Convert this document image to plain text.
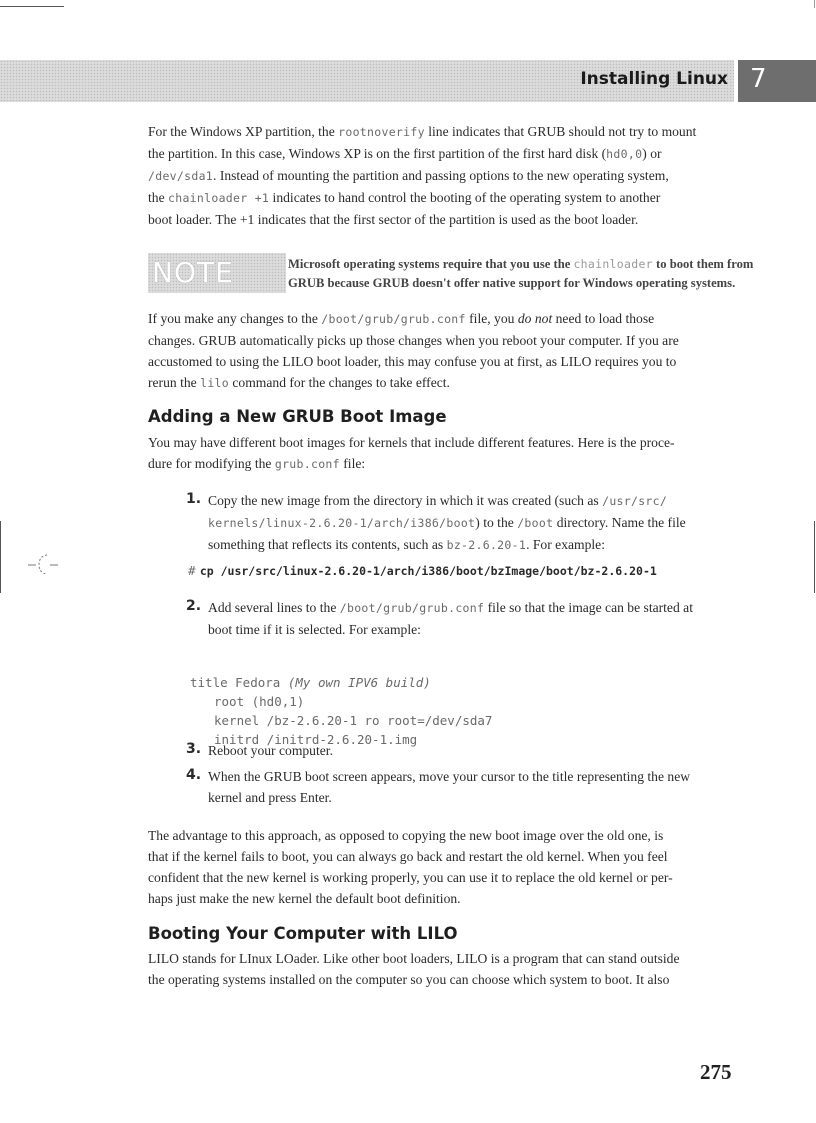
Installing Linux 7
For the Windows XP partition, the rootnoverify line indicates that GRUB should not try to mount
the partition. In this case, Windows XP is on the first partition of the first hard disk (hd0,0) or
/dev/sda1. Instead of mounting the partition and passing options to the new operating system,
the chainloader +1 indicates to hand control the booting of the operating system to another
boot loader. The +1 indicates that the first sector of the partition is used as the boot loader.
NOTE	Microsoft operating systems require that you use the chainloader to boot them from
GRUB because GRUB doesn't offer native support for Windows operating systems.
If you make any changes to the /boot/grub/grub.conf file, you do not need to load those
changes. GRUB automatically picks up those changes when you reboot your computer. If you are
accustomed to using the LILO boot loader, this may confuse you at first, as LILO requires you to
rerun the lilo command for the changes to take effect.
Adding a New GRUB Boot Image
You may have different boot images for kernels that include different features. Here is the proce-
dure for modifying the grub.conf file:
1. Copy the new image from the directory in which it was created (such as /usr/src/
kernels/linux-2.6.20-1/arch/i386/boot) to the /boot directory. Name the file
something that reflects its contents, such as bz-2.6.20-1. For example:
# cp /usr/src/linux-2.6.20-1/arch/i386/boot/bzImage/boot/bz-2.6.20-1
2. Add several lines to the /boot/grub/grub.conf file so that the image can be started at
boot time if it is selected. For example:

title Fedora (My own IPV6 build)
root (hd0,1)
kernel /bz-2.6.20-1 ro root=/dev/sda7
initrd /initrd-2.6.20-1.img

3. Reboot your computer.
4. When the GRUB boot screen appears, move your cursor to the title representing the new
kernel and press Enter.
The advantage to this approach, as opposed to copying the new boot image over the old one, is
that if the kernel fails to boot, you can always go back and restart the old kernel. When you feel
confident that the new kernel is working properly, you can use it to replace the old kernel or per-
haps just make the new kernel the default boot definition.
Booting Your Computer with LILO
LILO stands for LInux LOader. Like other boot loaders, LILO is a program that can stand outside
the operating systems installed on the computer so you can choose which system to boot. It also
275
